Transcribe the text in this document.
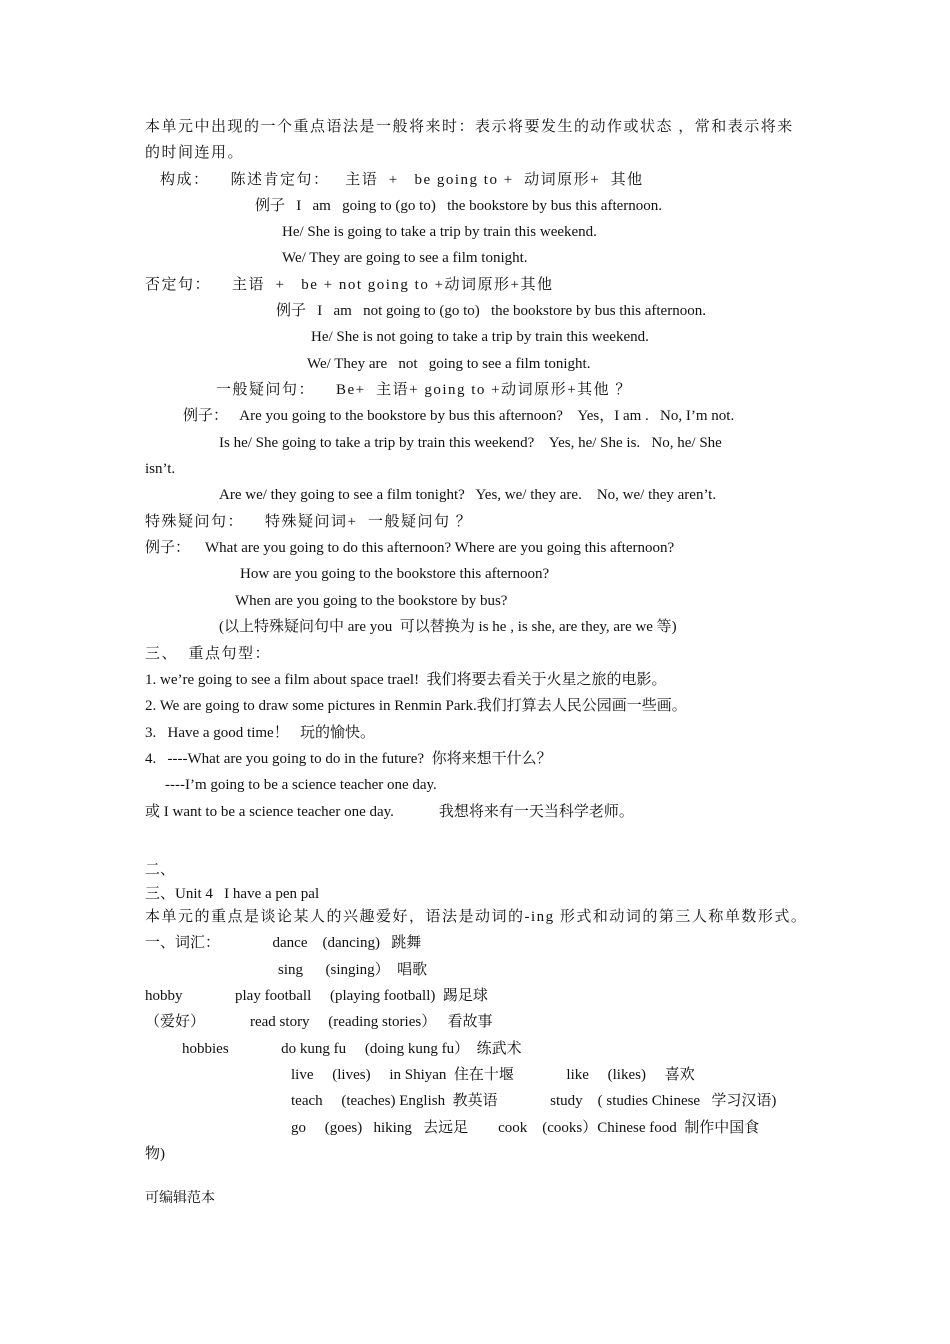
本单元中出现的一个重点语法是一般将来时：表示将要发生的动作或状态 ，常和表示将来
的时间连用。
构成：    陈述肯定句：   主语  +   be going to +  动词原形+  其他
例子   I   am   going to (go to)   the bookstore by bus this afternoon.
He/ She is going to take a trip by train this weekend.
We/ They are going to see a film tonight.
否定句：    主语  +   be + not going to +动词原形+其他
例子   I   am   not going to (go to)   the bookstore by bus this afternoon.
He/ She is not going to take a trip by train this weekend.
We/ They are   not   going to see a film tonight.
一般疑问句：    Be+  主语+ going to +动词原形+其他 ？
例子：   Are you going to the bookstore by bus this afternoon?    Yes，I am .   No, I’m not.
Is he/ She going to take a trip by train this weekend?    Yes, he/ She is.   No, he/ She
isn’t.
Are we/ they going to see a film tonight?   Yes, we/ they are.    No, we/ they aren’t.
特殊疑问句：    特殊疑问词+  一般疑问句 ？
例子：    What are you going to do this afternoon? Where are you going this afternoon?
How are you going to the bookstore this afternoon?
When are you going to the bookstore by bus?
(以上特殊疑问句中 are you  可以替换为 is he , is she, are they, are we 等)
三、  重点句型：
1. we’re going to see a film about space trael!  我们将要去看关于火星之旅的电影。
2. We are going to draw some pictures in Renmin Park.我们打算去人民公园画一些画。
3.   Have a good time！   玩的愉快。
4.   ----What are you going to do in the future?  你将来想干什么？
----I’m going to be a science teacher one day.
或 I want to be a science teacher one day.            我想将来有一天当科学老师。
二、
三、Unit 4   I have a pen pal
本单元的重点是谈论某人的兴趣爱好，语法是动词的-ing 形式和动词的第三人称单数形式。
一、词汇：              dance    (dancing)   跳舞
sing      (singing）  唱歌
hobby              play football     (playing football)  踢足球
（爱好）            read story     (reading stories）   看故事
hobbies              do kung fu     (doing kung fu）  练武术
live     (lives)     in Shiyan  住在十堰              like     (likes)     喜欢
teach     (teaches) English  教英语              study    ( studies Chinese   学习汉语)
go     (goes)   hiking   去远足        cook    (cooks）Chinese food  制作中国食
物)
可编辑范本
